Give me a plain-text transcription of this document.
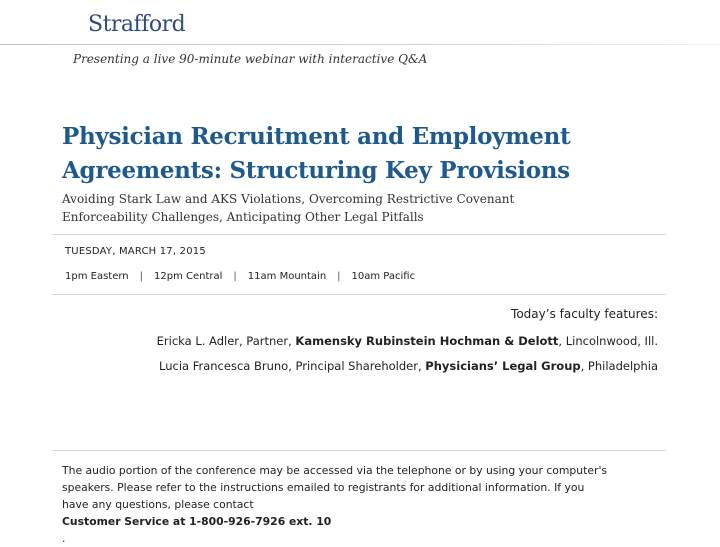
Strafford
Presenting a live 90-minute webinar with interactive Q&A
Physician Recruitment and Employment
Agreements: Structuring Key Provisions
Avoiding Stark Law and AKS Violations, Overcoming Restrictive Covenant
Enforceability Challenges, Anticipating Other Legal Pitfalls
TUESDAY, MARCH 17, 2015
1pm Eastern | 12pm Central | 11am Mountain | 10am Pacific
Today’s faculty features:
Ericka L. Adler, Partner, Kamensky Rubinstein Hochman & Delott, Lincolnwood, Ill.
Lucia Francesca Bruno, Principal Shareholder, Physicians’ Legal Group, Philadelphia
The audio portion of the conference may be accessed via the telephone or by using your computer's
speakers. Please refer to the instructions emailed to registrants for additional information. If you
have any questions, please contact
Customer Service at 1-800-926-7926 ext. 10
.
